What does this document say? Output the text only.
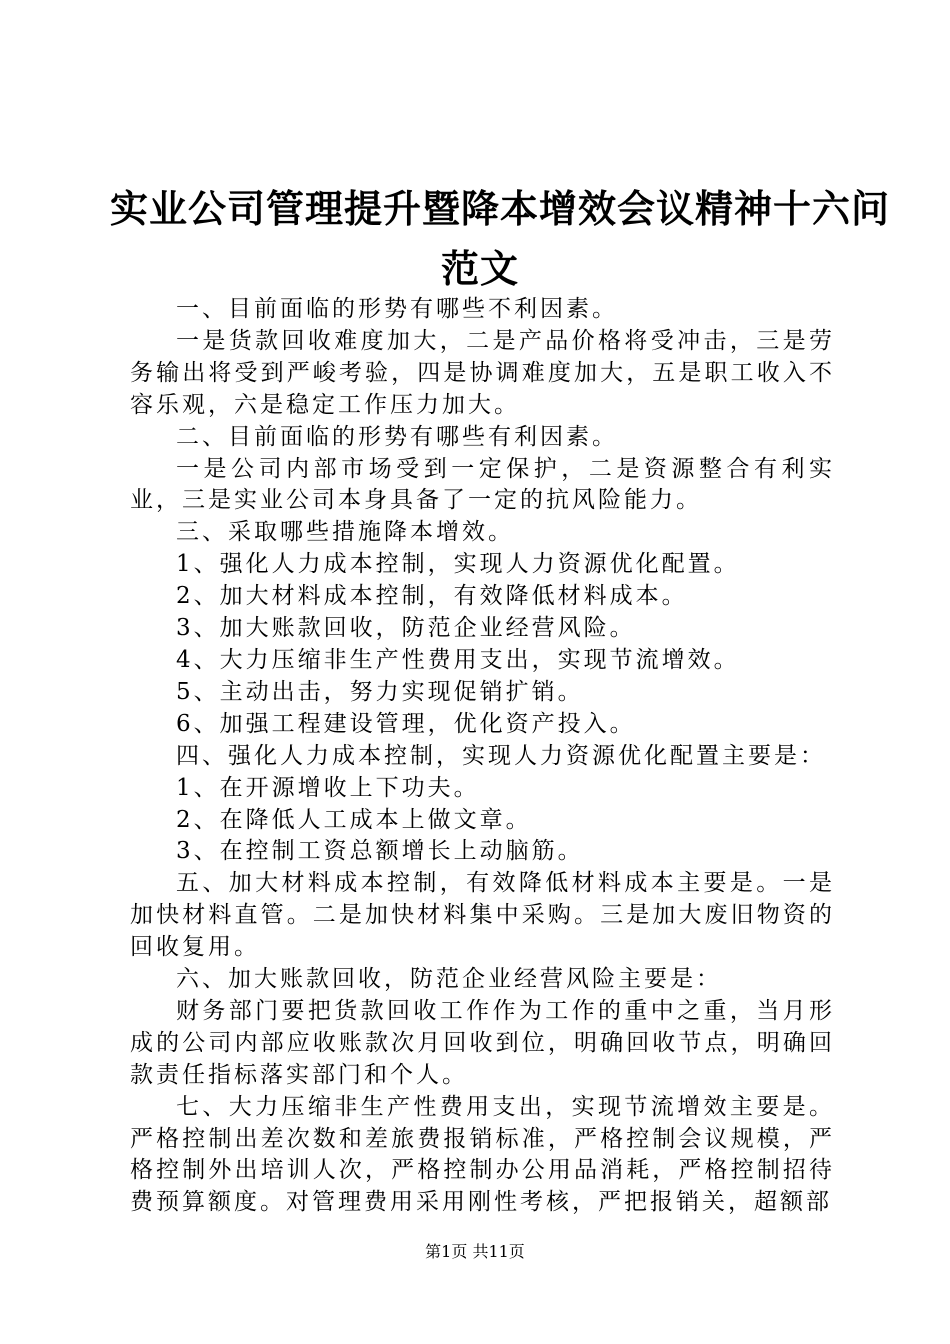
实业公司管理提升暨降本增效会议精神十六问
范文

一、目前面临的形势有哪些不利因素。

一是货款回收难度加大，二是产品价格将受冲击，三是劳务输出将受到严峻考验，四是协调难度加大，五是职工收入不容乐观，六是稳定工作压力加大。

二、目前面临的形势有哪些有利因素。

一是公司内部市场受到一定保护，二是资源整合有利实业，三是实业公司本身具备了一定的抗风险能力。

三、采取哪些措施降本增效。

1、强化人力成本控制，实现人力资源优化配置。

2、加大材料成本控制，有效降低材料成本。

3、加大账款回收，防范企业经营风险。

4、大力压缩非生产性费用支出，实现节流增效。

5、主动出击，努力实现促销扩销。

6、加强工程建设管理，优化资产投入。

四、强化人力成本控制，实现人力资源优化配置主要是：

1、在开源增收上下功夫。

2、在降低人工成本上做文章。

3、在控制工资总额增长上动脑筋。

五、加大材料成本控制，有效降低材料成本主要是。一是加快材料直管。二是加快材料集中采购。三是加大废旧物资的回收复用。

六、加大账款回收，防范企业经营风险主要是：

财务部门要把货款回收工作作为工作的重中之重，当月形成的公司内部应收账款次月回收到位，明确回收节点，明确回款责任指标落实部门和个人。

七、大力压缩非生产性费用支出，实现节流增效主要是。严格控制出差次数和差旅费报销标准，严格控制会议规模，严格控制外出培训人次，严格控制办公用品消耗，严格控制招待费预算额度。对管理费用采用刚性考核，严把报销关，超额部

第1页 共11页
